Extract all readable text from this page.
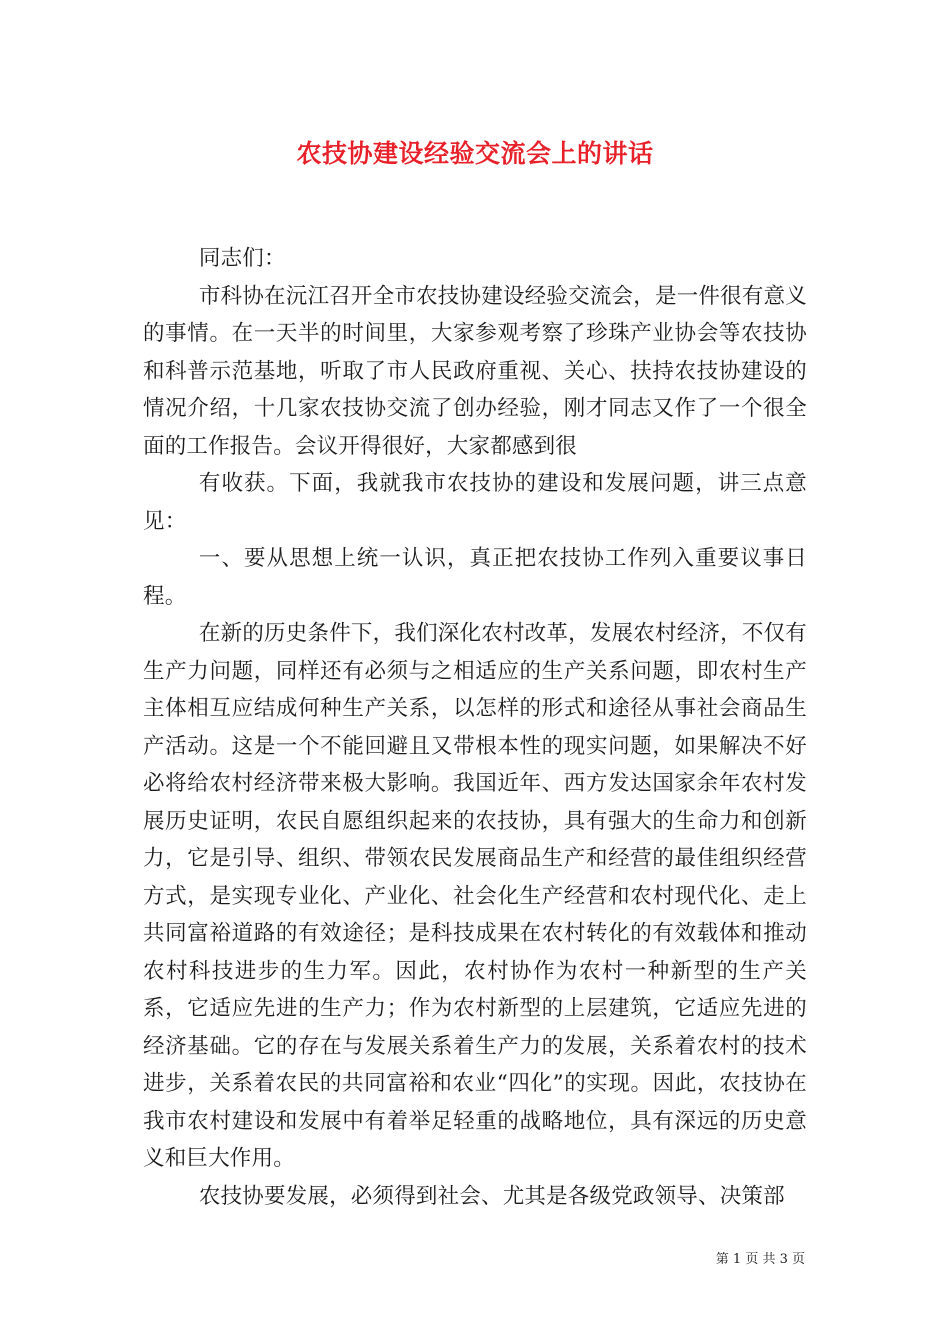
农技协建设经验交流会上的讲话

同志们：

市科协在沅江召开全市农技协建设经验交流会，是一件很有意义的事情。在一天半的时间里，大家参观考察了珍珠产业协会等农技协和科普示范基地，听取了市人民政府重视、关心、扶持农技协建设的情况介绍，十几家农技协交流了创办经验，刚才同志又作了一个很全面的工作报告。会议开得很好，大家都感到很

有收获。下面，我就我市农技协的建设和发展问题，讲三点意见：

一、要从思想上统一认识，真正把农技协工作列入重要议事日程。

在新的历史条件下，我们深化农村改革，发展农村经济，不仅有生产力问题，同样还有必须与之相适应的生产关系问题，即农村生产主体相互应结成何种生产关系，以怎样的形式和途径从事社会商品生产活动。这是一个不能回避且又带根本性的现实问题，如果解决不好必将给农村经济带来极大影响。我国近年、西方发达国家余年农村发展历史证明，农民自愿组织起来的农技协，具有强大的生命力和创新力，它是引导、组织、带领农民发展商品生产和经营的最佳组织经营方式，是实现专业化、产业化、社会化生产经营和农村现代化、走上共同富裕道路的有效途径；是科技成果在农村转化的有效载体和推动农村科技进步的生力军。因此，农村协作为农村一种新型的生产关系，它适应先进的生产力；作为农村新型的上层建筑，它适应先进的经济基础。它的存在与发展关系着生产力的发展，关系着农村的技术进步，关系着农民的共同富裕和农业“四化”的实现。因此，农技协在我市农村建设和发展中有着举足轻重的战略地位，具有深远的历史意义和巨大作用。

农技协要发展，必须得到社会、尤其是各级党政领导、决策部

第 1 页 共 3 页
